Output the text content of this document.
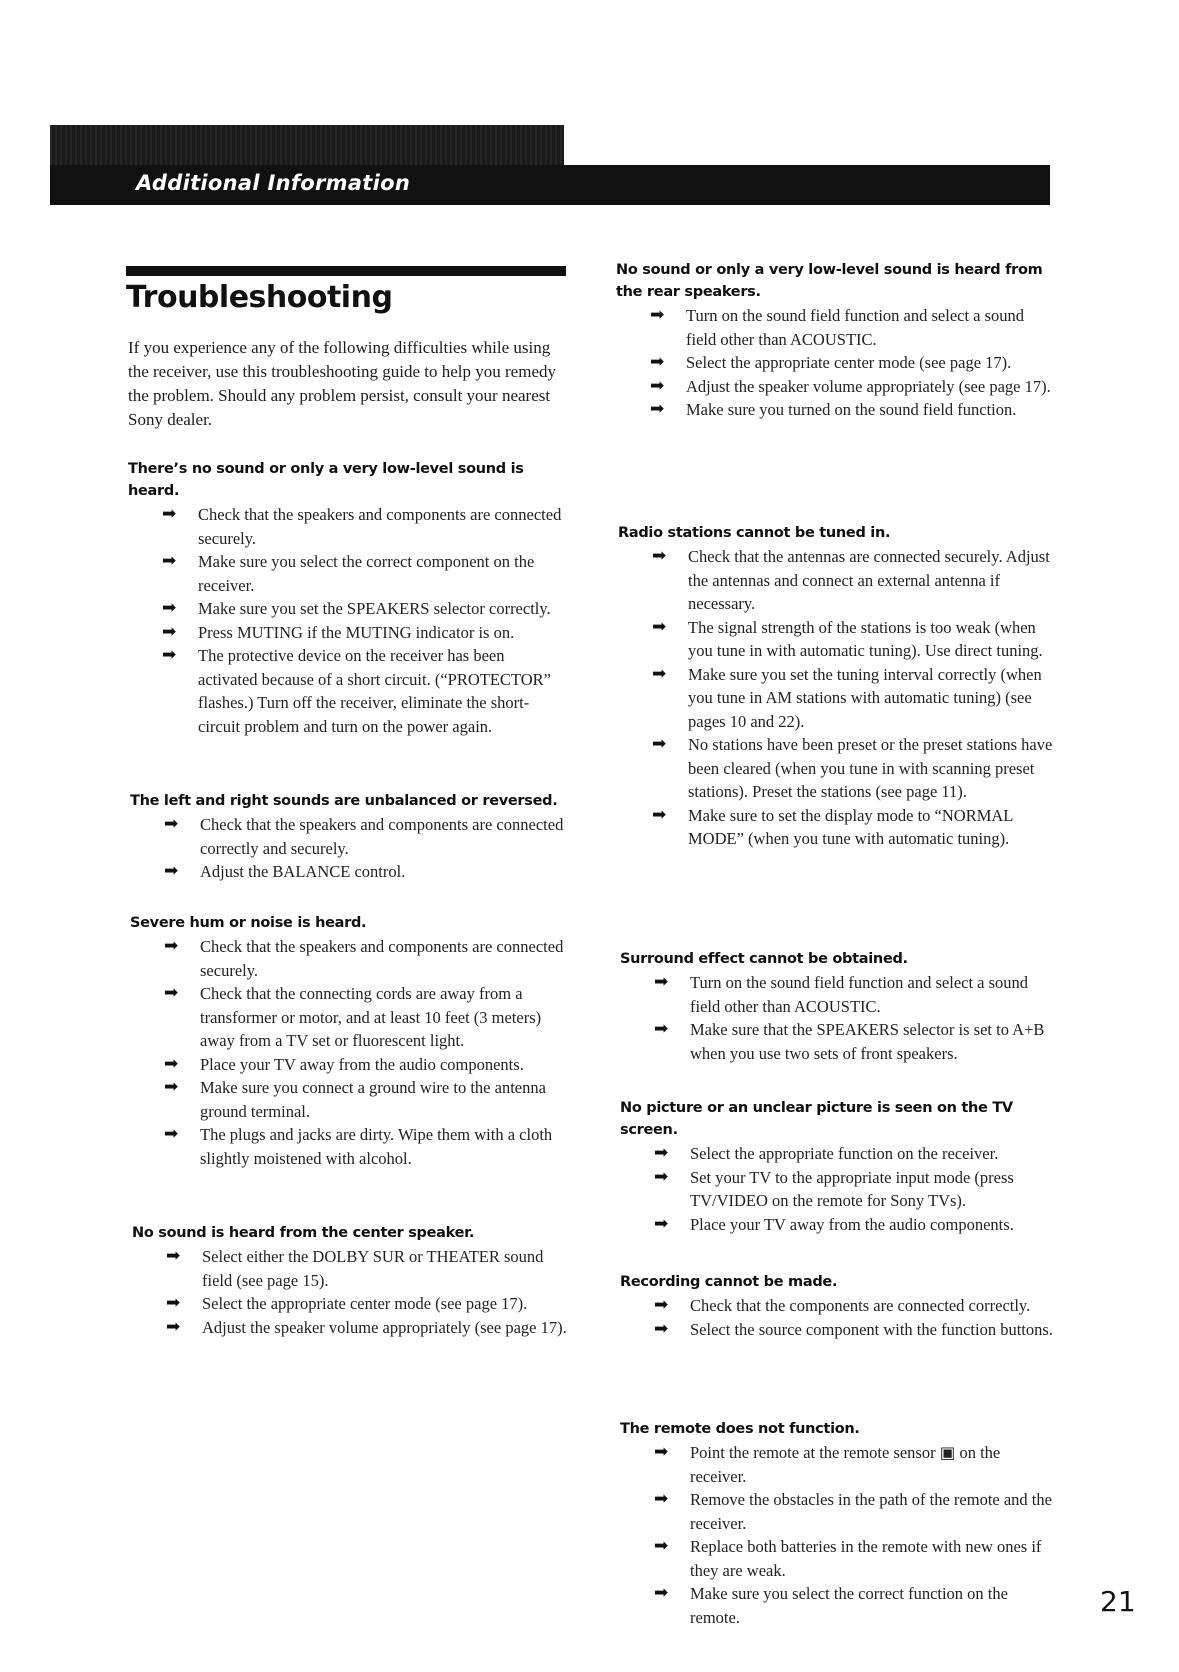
Additional Information
Troubleshooting

If you experience any of the following difficulties while using the receiver, use this troubleshooting guide to help you remedy the problem. Should any problem persist, consult your nearest Sony dealer.

There’s no sound or only a very low-level sound is heard.
➡ Check that the speakers and components are connected securely.
➡ Make sure you select the correct component on the receiver.
➡ Make sure you set the SPEAKERS selector correctly.
➡ Press MUTING if the MUTING indicator is on.
➡ The protective device on the receiver has been activated because of a short circuit. (“PROTECTOR” flashes.) Turn off the receiver, eliminate the short-circuit problem and turn on the power again.
The left and right sounds are unbalanced or reversed.
➡ Check that the speakers and components are connected correctly and securely.
➡ Adjust the BALANCE control.
Severe hum or noise is heard.
➡ Check that the speakers and components are connected securely.
➡ Check that the connecting cords are away from a transformer or motor, and at least 10 feet (3 meters) away from a TV set or fluorescent light.
➡ Place your TV away from the audio components.
➡ Make sure you connect a ground wire to the antenna ground terminal.
➡ The plugs and jacks are dirty. Wipe them with a cloth slightly moistened with alcohol.
No sound is heard from the center speaker.
➡ Select either the DOLBY SUR or THEATER sound field (see page 15).
➡ Select the appropriate center mode (see page 17).
➡ Adjust the speaker volume appropriately (see page 17).
No sound or only a very low-level sound is heard from the rear speakers.
➡ Turn on the sound field function and select a sound field other than ACOUSTIC.
➡ Select the appropriate center mode (see page 17).
➡ Adjust the speaker volume appropriately (see page 17).
➡ Make sure you turned on the sound field function.
Radio stations cannot be tuned in.
➡ Check that the antennas are connected securely. Adjust the antennas and connect an external antenna if necessary.
➡ The signal strength of the stations is too weak (when you tune in with automatic tuning). Use direct tuning.
➡ Make sure you set the tuning interval correctly (when you tune in AM stations with automatic tuning) (see pages 10 and 22).
➡ No stations have been preset or the preset stations have been cleared (when you tune in with scanning preset stations). Preset the stations (see page 11).
➡ Make sure to set the display mode to “NORMAL MODE” (when you tune with automatic tuning).
Surround effect cannot be obtained.
➡ Turn on the sound field function and select a sound field other than ACOUSTIC.
➡ Make sure that the SPEAKERS selector is set to A+B when you use two sets of front speakers.
No picture or an unclear picture is seen on the TV screen.
➡ Select the appropriate function on the receiver.
➡ Set your TV to the appropriate input mode (press TV/VIDEO on the remote for Sony TVs).
➡ Place your TV away from the audio components.
Recording cannot be made.
➡ Check that the components are connected correctly.
➡ Select the source component with the function buttons.
The remote does not function.
➡ Point the remote at the remote sensor ▣ on the receiver.
➡ Remove the obstacles in the path of the remote and the receiver.
➡ Replace both batteries in the remote with new ones if they are weak.
➡ Make sure you select the correct function on the remote.	21
